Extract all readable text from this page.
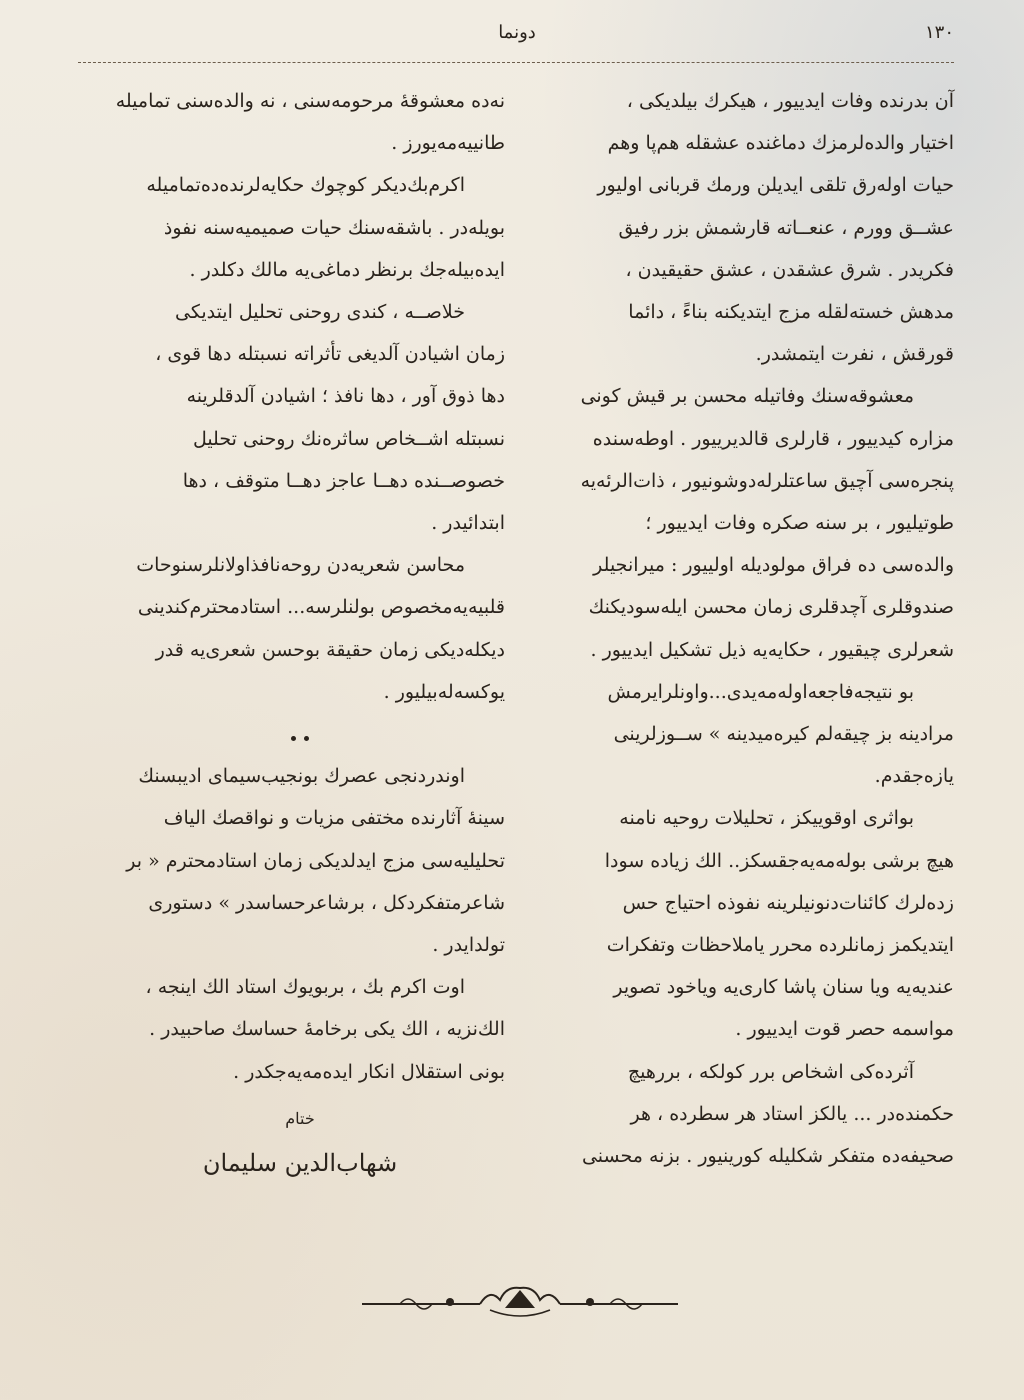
١٣٠
دونما

آن بدرنده وفات ایدییور ، هیکرك بیلدیکی ،

اختیار والده‌لرمزك دماغنده عشقله هم‌پا وهم

حیات اوله‌رق تلقی ایدیلن ورمك قربانی اولیور

عشــق وورم ، عنعــاته قارشمش بزر رفیق

فکریدر . شرق عشقدن ، عشق حقیقیدن ،

مدهش خسته‌لقله مزج ایتدیکنه بناءً ، دائما

قورقش ، نفرت ایتمشدر.

معشوقه‌سنك وفاتیله محسن بر قیش کونی

مزاره کیدییور ، قارلری قالدیرییور . اوطه‌سنده

پنجره‌سی آچیق ساعتلرله‌دوشونیور ، ذات‌الرئه‌یه

طوتیلیور ، بر سنه صکره وفات ایدییور ؛

والده‌سی ده فراق مولودیله اولییور : میرانجیلر

صندوقلری آچدقلری زمان محسن ایله‌سودیکنك

شعرلری چیقیور ، حکایه‌یه ذیل تشکیل ایدییور .

بو نتیجه‌فاجعه‌اوله‌مه‌یدی...واونلرایرمش

مرادینه بز چیقه‌لم کیره‌میدینه » ســوزلرینی

یازه‌جقدم.

بواثری اوقوییکز ، تحلیلات روحیه نامنه

هیچ برشی بوله‌مه‌یه‌جقسکز.. الك زیاده سودا

زده‌لرك کائنات‌دنونیلرینه نفوذه احتیاج حس

ایتدیکمز زمانلرده محرر یاملاحظات وتفکرات

عندیه‌یه ویا سنان پاشا کاری‌یه ویاخود تصویر

مواسمه حصر قوت ایدییور .

آثرده‌کی اشخاص برر کولکه ، بررهیچ

حکمنده‌در ... یالکز استاد هر سطرده ، هر

صحیفه‌ده متفکر شکلیله کورینیور . بزنه محسنی

نه‌ده معشوقهٔ مرحومه‌سنی ، نه والده‌سنی تمامیله

طانییه‌مه‌یورز .

اکرم‌بك‌دیکر کوچوك حکایه‌لرنده‌ده‌تمامیله

بویله‌در . باشقه‌سنك حیات صمیمیه‌سنه نفوذ

ایده‌بیله‌جك برنظر دماغی‌یه مالك دکلدر .

خلاصــه ، کندی روحنی تحلیل ایتدیکی

زمان اشیادن آلدیغی تأثراته نسبتله دها قوی ،

دها ذوق آور ، دها نافذ ؛ اشیادن آلدقلرینه

نسبتله اشــخاص ساثره‌نك روحنی تحلیل

خصوصــنده دهــا عاجز دهــا متوقف ، دها

ابتدائیدر .

محاسن شعریه‌دن روحه‌نافذاولانلرسنوحات

قلبیه‌یه‌مخصوص بولنلرسه... استادمحترم‌کندینی

دیکله‌دیکی زمان حقیقة بوحسن شعری‌یه قدر

یوکسه‌له‌بیلیور .

اوندردنجی عصرك بونجیب‌سیمای ادیبسنك

سینهٔ آثارنده مختفی مزیات و نواقصك الیاف

تحلیلیه‌سی مزج ایدلدیکی زمان استادمحترم « بر

شاعرمتفکردکل ، برشاعرحساسدر » دستوری

تولدایدر .

اوت اکرم بك ، بربویوك استاد الك اینجه ،

الك‌نزیه ، الك یکی برخامهٔ حساسك صاحبیدر .

بونی استقلال انکار ایده‌مه‌یه‌جکدر .

ختام
شهاب‌الدین سلیمان
